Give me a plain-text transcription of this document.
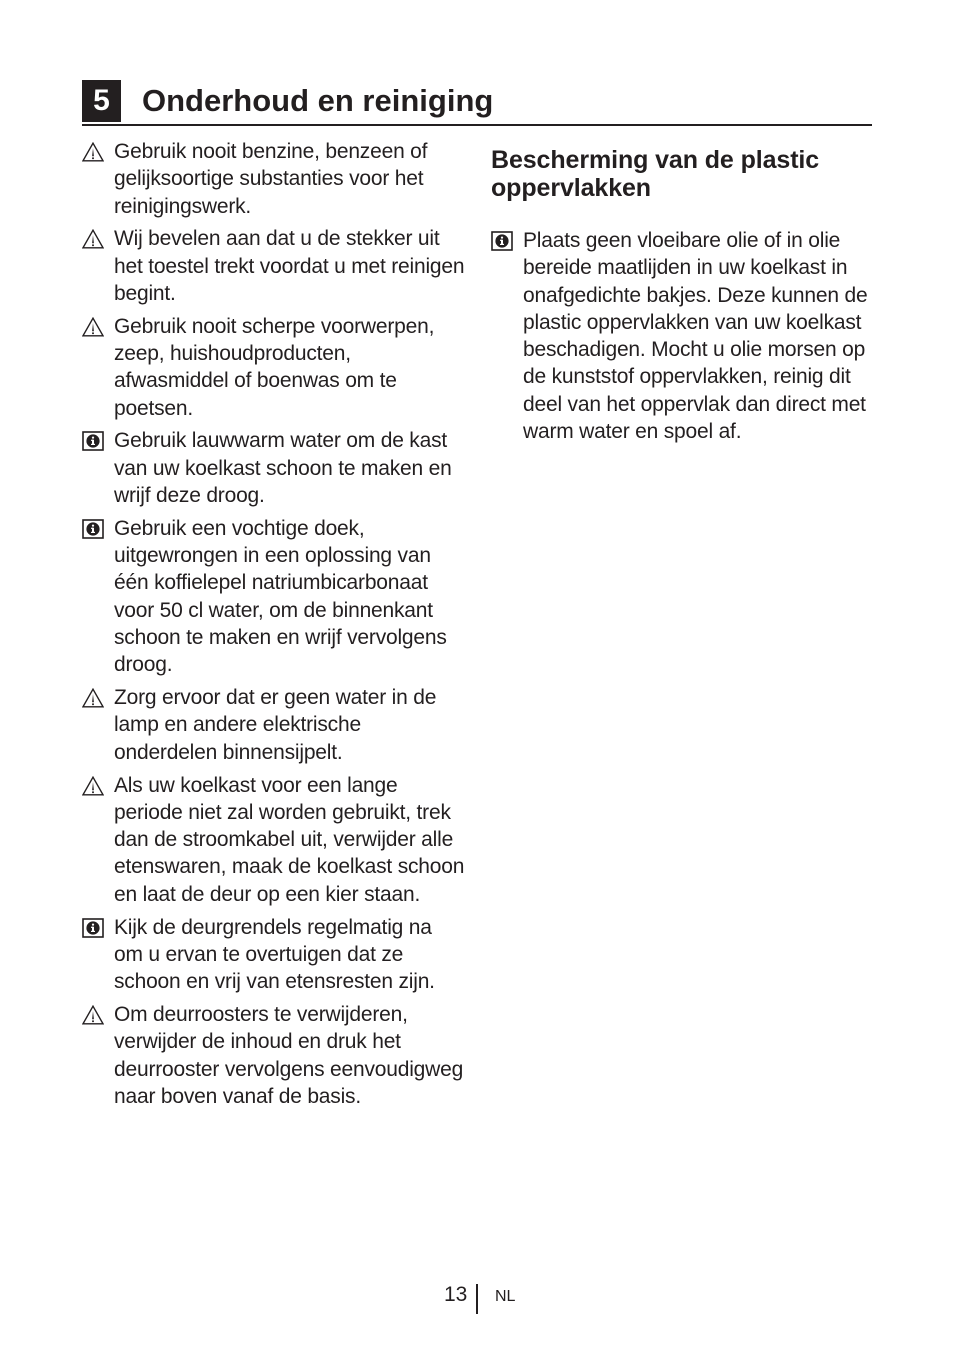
5	Onderhoud en reiniging
Gebruik nooit benzine, benzeen of gelijksoortige substanties voor het reinigingswerk.
Wij bevelen aan dat u de stekker uit het toestel trekt voordat u met reinigen begint.
Gebruik nooit scherpe voorwerpen, zeep, huishoudproducten, afwasmiddel of boenwas om te poetsen.
Gebruik lauwwarm water om de kast van uw koelkast schoon te maken en wrijf deze droog.
Gebruik een vochtige doek, uitgewrongen in een oplossing van één koffielepel natriumbicarbonaat voor 50 cl water, om de binnenkant schoon te maken en wrijf vervolgens droog.
Zorg ervoor dat er geen water in de lamp en andere elektrische onderdelen binnensijpelt.
Als uw koelkast voor een lange periode niet zal worden gebruikt, trek dan de stroomkabel uit, verwijder alle etenswaren, maak de koelkast schoon en laat de deur op een kier staan.
Kijk de deurgrendels regelmatig na om u ervan te overtuigen dat ze schoon en vrij van etensresten zijn.
Om deurroosters te verwijderen, verwijder de inhoud en druk het deurrooster vervolgens eenvoudigweg naar boven vanaf de basis.
Bescherming van de plastic oppervlakken
Plaats geen vloeibare olie of in olie bereide maatlijden in uw koelkast in onafgedichte bakjes. Deze kunnen de plastic oppervlakken van uw koelkast beschadigen. Mocht u olie morsen op de kunststof oppervlakken, reinig dit deel van het oppervlak dan direct met warm water en spoel af.
13 NL
